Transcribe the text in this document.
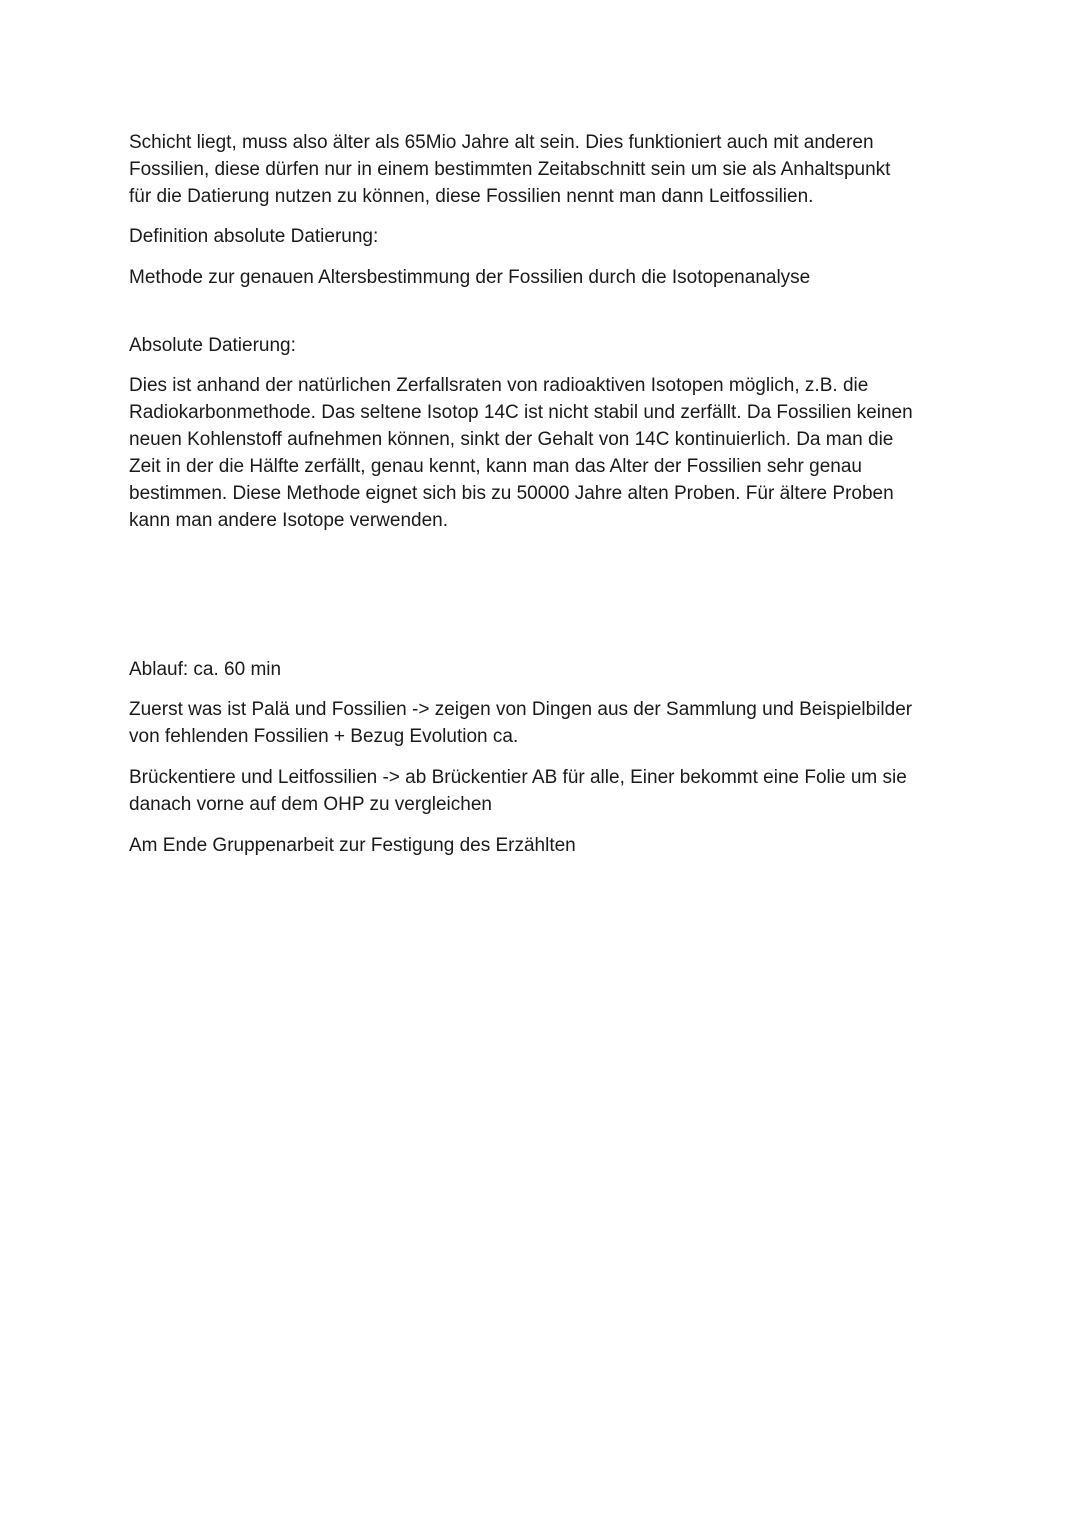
Schicht liegt, muss also älter als 65Mio Jahre alt sein. Dies funktioniert auch mit anderen
Fossilien, diese dürfen nur in einem bestimmten Zeitabschnitt sein um sie als Anhaltspunkt
für die Datierung nutzen zu können, diese Fossilien nennt man dann Leitfossilien.

Definition absolute Datierung:

Methode zur genauen Altersbestimmung der Fossilien durch die Isotopenanalyse

Absolute Datierung:

Dies ist anhand der natürlichen Zerfallsraten von radioaktiven Isotopen möglich, z.B. die
Radiokarbonmethode. Das seltene Isotop 14C ist nicht stabil und zerfällt. Da Fossilien keinen
neuen Kohlenstoff aufnehmen können, sinkt der Gehalt von 14C kontinuierlich. Da man die
Zeit in der die Hälfte zerfällt, genau kennt, kann man das Alter der Fossilien sehr genau
bestimmen. Diese Methode eignet sich bis zu 50000 Jahre alten Proben. Für ältere Proben
kann man andere Isotope verwenden.

Ablauf: ca. 60 min

Zuerst was ist Palä und Fossilien -> zeigen von Dingen aus der Sammlung und Beispielbilder
von fehlenden Fossilien + Bezug Evolution ca.

Brückentiere und Leitfossilien -> ab Brückentier AB für alle, Einer bekommt eine Folie um sie
danach vorne auf dem OHP zu vergleichen

Am Ende Gruppenarbeit zur Festigung des Erzählten
